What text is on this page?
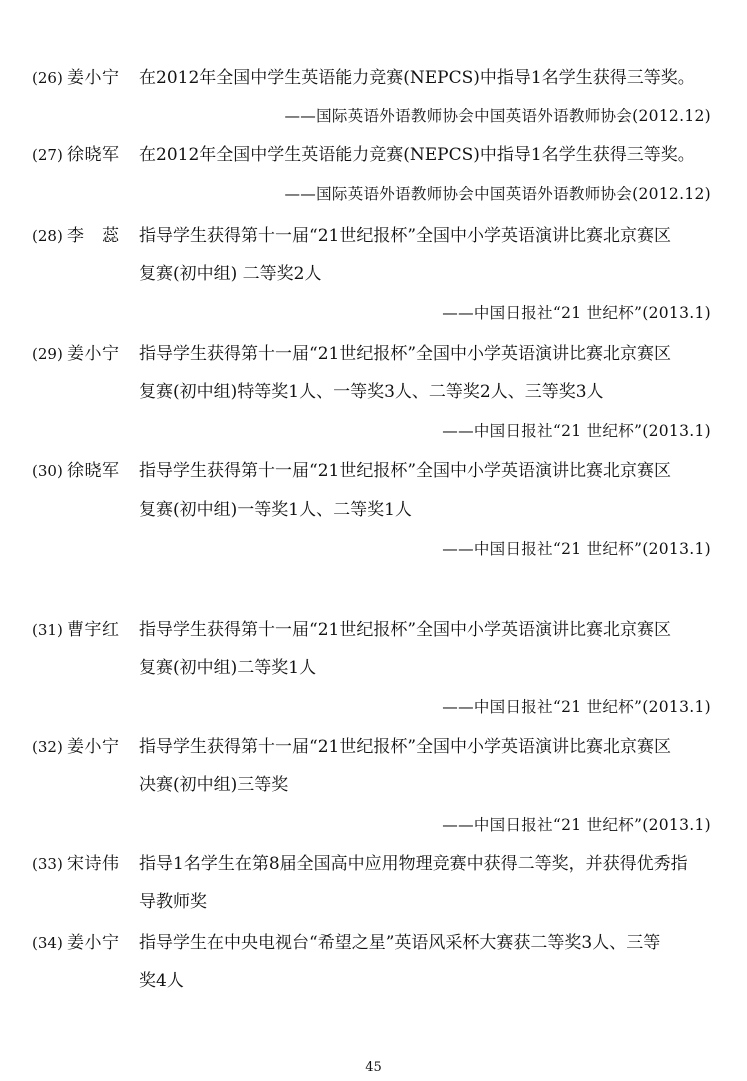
(26) 姜小宁 在2012年全国中学生英语能力竞赛(NEPCS)中指导1名学生获得三等奖。
——国际英语外语教师协会中国英语外语教师协会(2012.12)
(27) 徐晓军 在2012年全国中学生英语能力竞赛(NEPCS)中指导1名学生获得三等奖。
——国际英语外语教师协会中国英语外语教师协会(2012.12)
(28) 李　蕊 指导学生获得第十一届“21世纪报杯”全国中小学英语演讲比赛北京赛区
复赛(初中组) 二等奖2人
——中国日报社“21 世纪杯”(2013.1)
(29) 姜小宁 指导学生获得第十一届“21世纪报杯”全国中小学英语演讲比赛北京赛区
复赛(初中组)特等奖1人、一等奖3人、二等奖2人、三等奖3人
——中国日报社“21 世纪杯”(2013.1)
(30) 徐晓军 指导学生获得第十一届“21世纪报杯”全国中小学英语演讲比赛北京赛区
复赛(初中组)一等奖1人、二等奖1人
——中国日报社“21 世纪杯”(2013.1)
(31) 曹宇红 指导学生获得第十一届“21世纪报杯”全国中小学英语演讲比赛北京赛区
复赛(初中组)二等奖1人
——中国日报社“21 世纪杯”(2013.1)
(32) 姜小宁 指导学生获得第十一届“21世纪报杯”全国中小学英语演讲比赛北京赛区
决赛(初中组)三等奖
——中国日报社“21 世纪杯”(2013.1)
(33) 宋诗伟 指导1名学生在第8届全国高中应用物理竞赛中获得二等奖，并获得优秀指
导教师奖
(34) 姜小宁 指导学生在中央电视台“希望之星”英语风采杯大赛获二等奖3人、三等
奖4人
45
